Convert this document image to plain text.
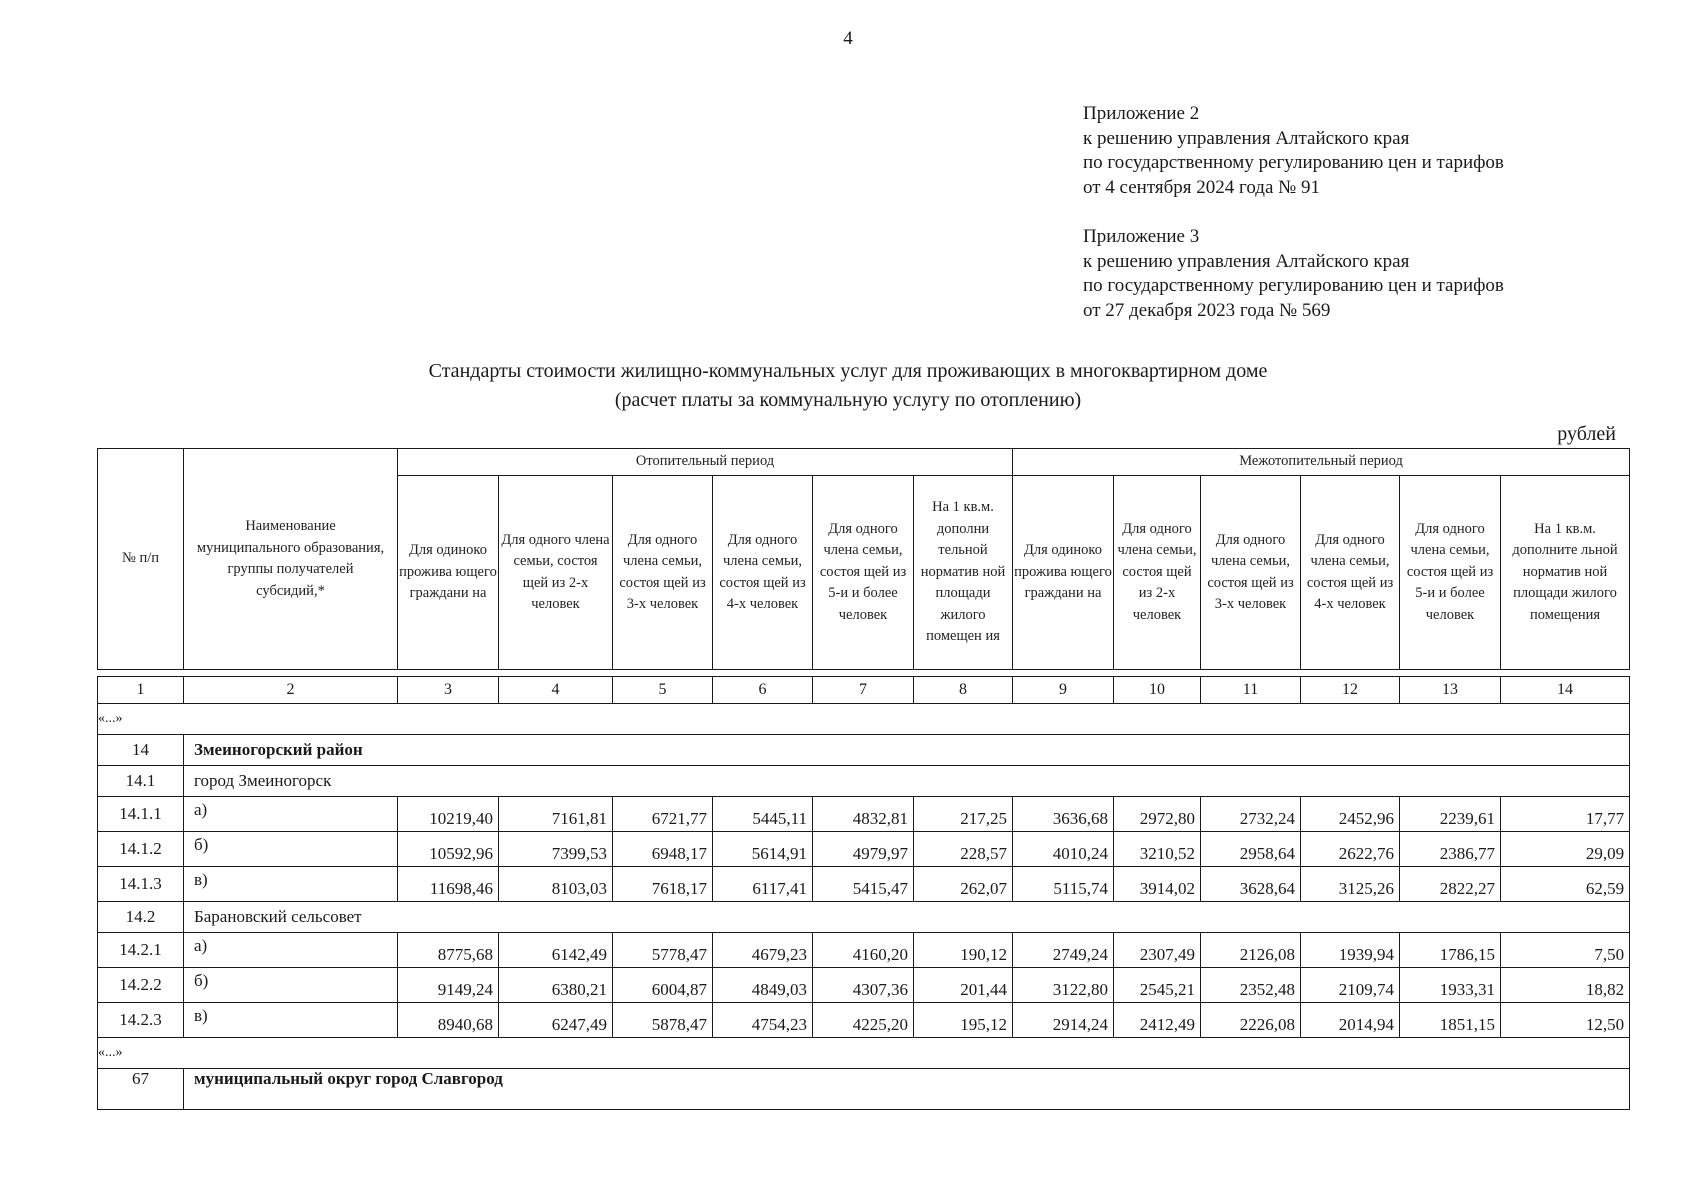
4
Приложение 2
к решению управления Алтайского края
по государственному регулированию цен и тарифов
от 4 сентября 2024 года № 91
Приложение 3
к решению управления Алтайского края
по государственному регулированию цен и тарифов
от 27 декабря 2023 года № 569
Стандарты стоимости жилищно-коммунальных услуг для проживающих в многоквартирном доме
(расчет платы за коммунальную услугу по отоплению)
рублей
№ п/п	Наименование муниципального образования, группы получателей субсидий,*	Отопительный период						Межотопительный период					
		Для одиноко прожива ющего граждани на	Для одного члена семьи, состоя щей из 2-х человек	Для одного члена семьи, состоя щей из 3-х человек	Для одного члена семьи, состоя щей из 4-х человек	Для одного члена семьи, состоя щей из 5-и и более человек	На 1 кв.м. дополни тельной норматив ной площади жилого помещен ия	Для одиноко прожива ющего граждани на	Для одного члена семьи, состоя щей из 2-х человек	Для одного члена семьи, состоя щей из 3-х человек	Для одного члена семьи, состоя щей из 4-х человек	Для одного члена семьи, состоя щей из 5-и и более человек	На 1 кв.м. дополните льной норматив ной площади жилого помещения

1	2	3	4	5	6	7	8	9	10	11	12	13	14
«...»													
14	Змеиногорский район												
14.1	город Змеиногорск												
14.1.1	а)	10219,40	7161,81	6721,77	5445,11	4832,81	217,25	3636,68	2972,80	2732,24	2452,96	2239,61	17,77
14.1.2	б)	10592,96	7399,53	6948,17	5614,91	4979,97	228,57	4010,24	3210,52	2958,64	2622,76	2386,77	29,09
14.1.3	в)	11698,46	8103,03	7618,17	6117,41	5415,47	262,07	5115,74	3914,02	3628,64	3125,26	2822,27	62,59
14.2	Барановский сельсовет												
14.2.1	а)	8775,68	6142,49	5778,47	4679,23	4160,20	190,12	2749,24	2307,49	2126,08	1939,94	1786,15	7,50
14.2.2	б)	9149,24	6380,21	6004,87	4849,03	4307,36	201,44	3122,80	2545,21	2352,48	2109,74	1933,31	18,82
14.2.3	в)	8940,68	6247,49	5878,47	4754,23	4225,20	195,12	2914,24	2412,49	2226,08	2014,94	1851,15	12,50
«...»													
67	муниципальный округ город Славгород												
